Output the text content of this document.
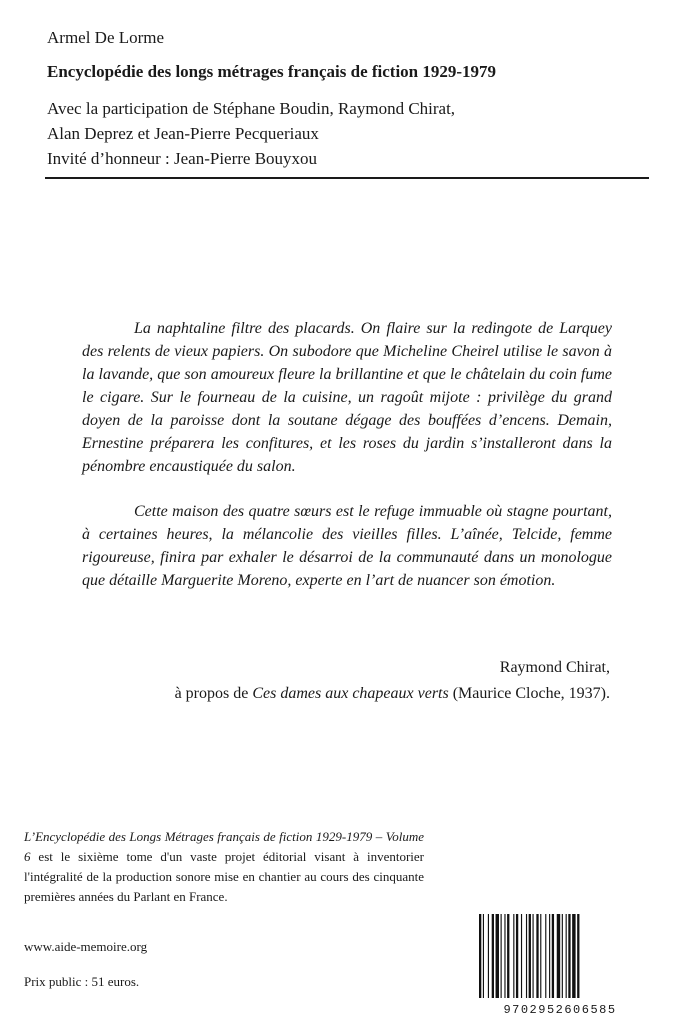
Armel De Lorme
Encyclopédie des longs métrages français de fiction 1929-1979
Avec la participation de Stéphane Boudin, Raymond Chirat,
Alan Deprez et Jean-Pierre Pecqueriaux
Invité d’honneur : Jean-Pierre Bouyxou

La naphtaline filtre des placards. On flaire sur la redingote de Larquey des relents de vieux papiers. On subodore que Micheline Cheirel utilise le savon à la lavande, que son amoureux fleure la brillantine et que le châtelain du coin fume le cigare. Sur le fourneau de la cuisine, un ragoût mijote : privilège du grand doyen de la paroisse dont la soutane dégage des bouffées d’encens. Demain, Ernestine préparera les confitures, et les roses du jardin s’installeront dans la pénombre encaustiquée du salon.

Cette maison des quatre sœurs est le refuge immuable où stagne pourtant, à certaines heures, la mélancolie des vieilles filles. L’aînée, Telcide, femme rigoureuse, finira par exhaler le désarroi de la communauté dans un monologue que détaille Marguerite Moreno, experte en l’art de nuancer son émotion.

Raymond Chirat,

à propos de Ces dames aux chapeaux verts (Maurice Cloche, 1937).

L’Encyclopédie des Longs Métrages français de fiction 1929-1979 – Volume 6 est le sixième tome d'un vaste projet éditorial visant à inventorier l'intégralité de la production sonore mise en chantier au cours des cinquante premières années du Parlant en France.

www.aide-memoire.org
Prix public : 51 euros.
9702952606585
